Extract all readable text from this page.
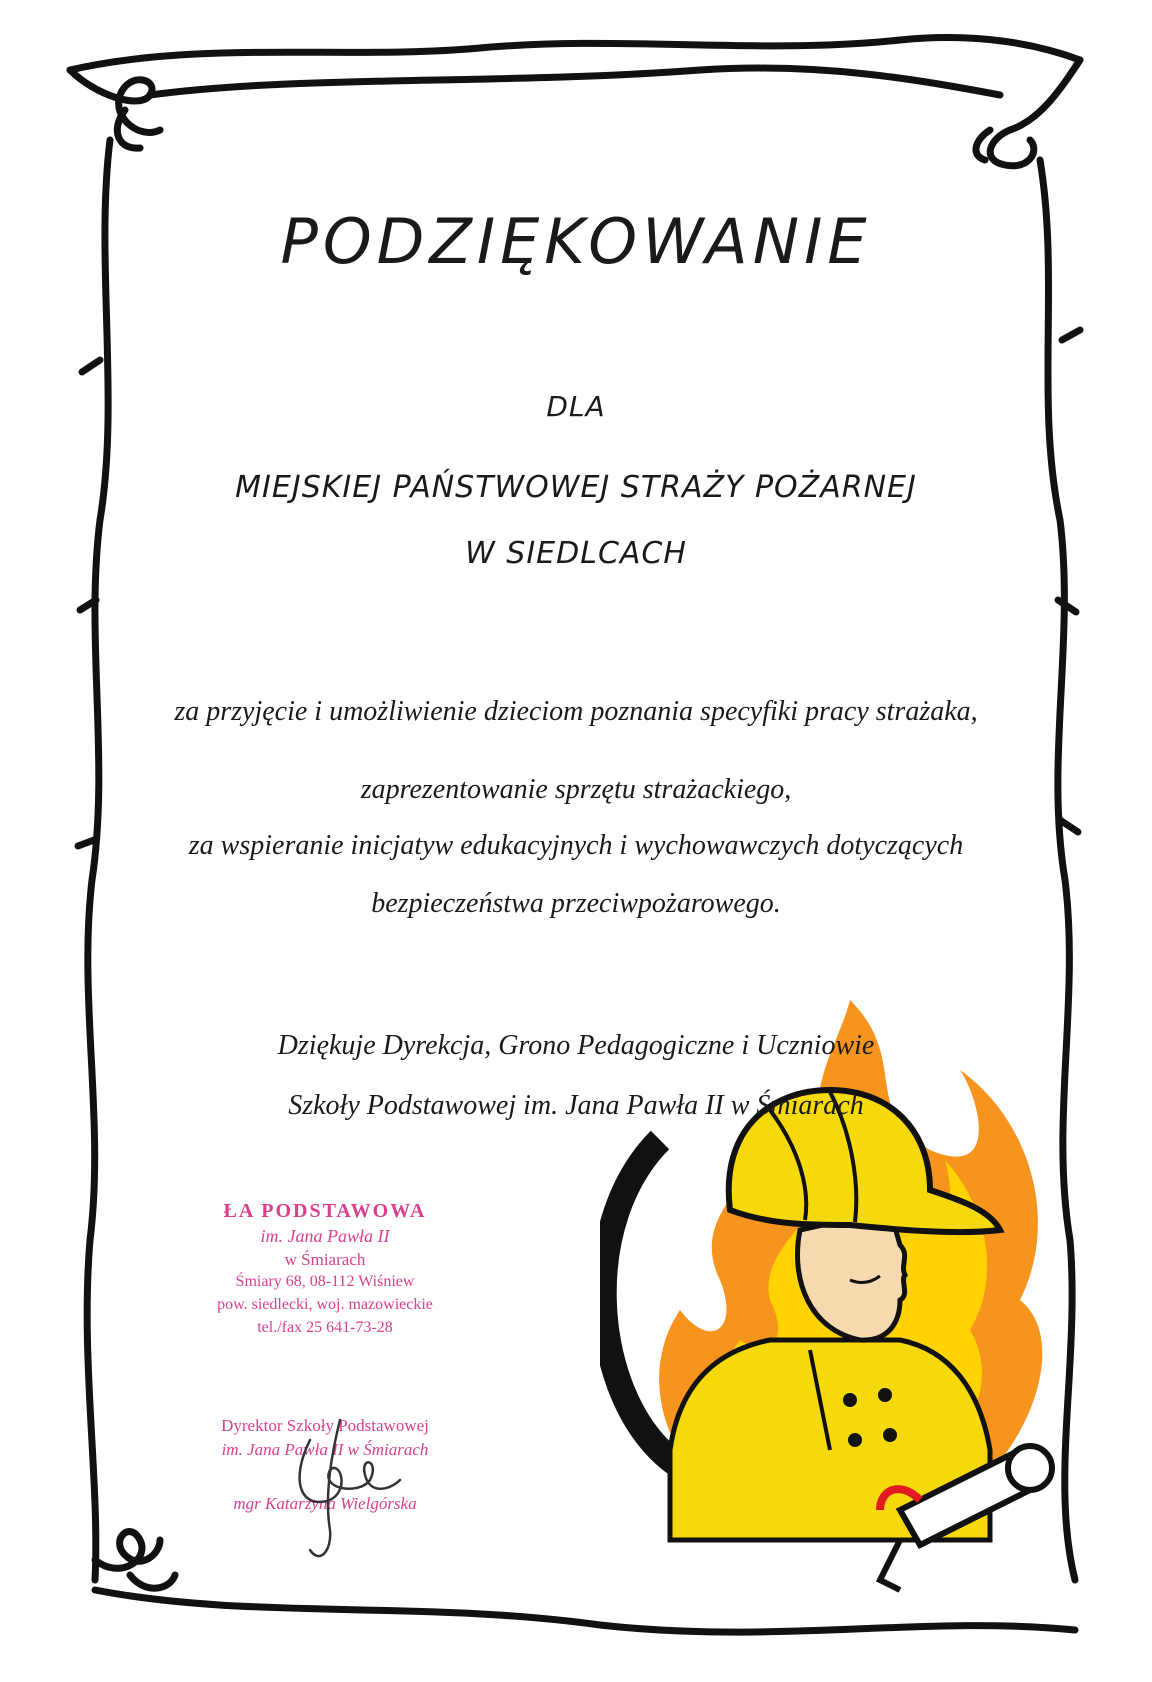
PODZIĘKOWANIE
DLA
MIEJSKIEJ PAŃSTWOWEJ STRAŻY POŻARNEJ
W SIEDLCACH
za przyjęcie i umożliwienie dzieciom poznania specyfiki pracy strażaka,
zaprezentowanie sprzętu strażackiego,
za wspieranie inicjatyw edukacyjnych i wychowawczych dotyczących
bezpieczeństwa przeciwpożarowego.
Dziękuje Dyrekcja, Grono Pedagogiczne i Uczniowie
Szkoły Podstawowej im. Jana Pawła II w Śmiarach
ŁA PODSTAWOWA
im. Jana Pawła II
w Śmiarach
Śmiary 68, 08-112 Wiśniew
pow. siedlecki, woj. mazowieckie
tel./fax 25 641-73-28
Dyrektor Szkoły Podstawowej
im. Jana Pawła II w Śmiarach
mgr Katarzyna Wielgórska
